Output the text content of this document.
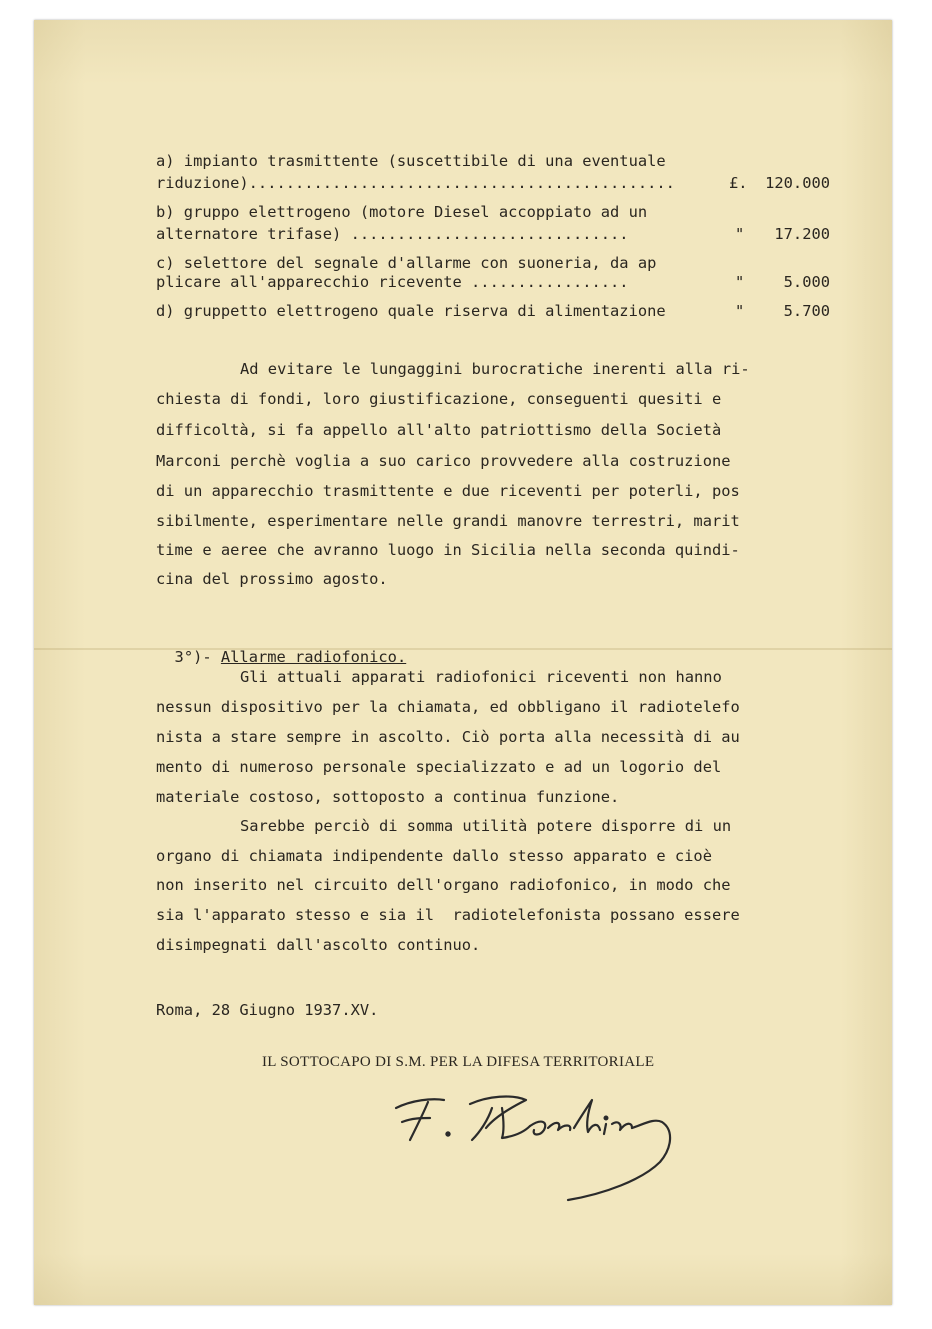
a) impianto trasmittente (suscettibile di una eventuale
riduzione)..............................................	£.	120.000
b) gruppo elettrogeno (motore Diesel accoppiato ad un
alternatore trifase) ..............................	"	17.200
c) selettore del segnale d'allarme con suoneria, da ap
plicare all'apparecchio ricevente .................	"	5.000
d) gruppetto elettrogeno quale riserva di alimentazione	"	5.700
Ad evitare le lungaggini burocratiche inerenti alla ri-
chiesta di fondi, loro giustificazione, conseguenti quesiti e
difficoltà, si fa appello all'alto patriottismo della Società
Marconi perchè voglia a suo carico provvedere alla costruzione
di un apparecchio trasmittente e due riceventi per poterli, pos
sibilmente, esperimentare nelle grandi manovre terrestri, marit
time e aeree che avranno luogo in Sicilia nella seconda quindi-
cina del prossimo agosto.

3°)- Allarme radiofonico.

Gli attuali apparati radiofonici riceventi non hanno
nessun dispositivo per la chiamata, ed obbligano il radiotelefo
nista a stare sempre in ascolto. Ciò porta alla necessità di au
mento di numeroso personale specializzato e ad un logorio del
materiale costoso, sottoposto a continua funzione.
Sarebbe perciò di somma utilità potere disporre di un
organo di chiamata indipendente dallo stesso apparato e cioè
non inserito nel circuito dell'organo radiofonico, in modo che
sia l'apparato stesso e sia il  radiotelefonista possano essere
disimpegnati dall'ascolto continuo.
Roma, 28 Giugno 1937.XV.
IL SOTTOCAPO DI S.M. PER LA DIFESA TERRITORIALE
